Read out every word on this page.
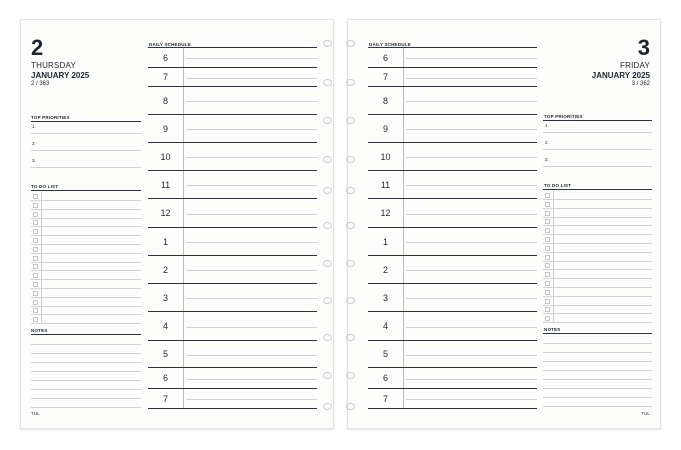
2
THURSDAY
JANUARY 2025
2 / 363
TOP PRIORITIES
1.
2.
3.
TO DO LIST
NOTES
DAILY SCHEDULE
6
7
8
9
10
11
12
1
2
3
4
5
6
7
TUL
3
FRIDAY
JANUARY 2025
3 / 362
TOP PRIORITIES
1.
2.
3.
TO DO LIST
NOTES
DAILY SCHEDULE
6
7
8
9
10
11
12
1
2
3
4
5
6
7
TUL
